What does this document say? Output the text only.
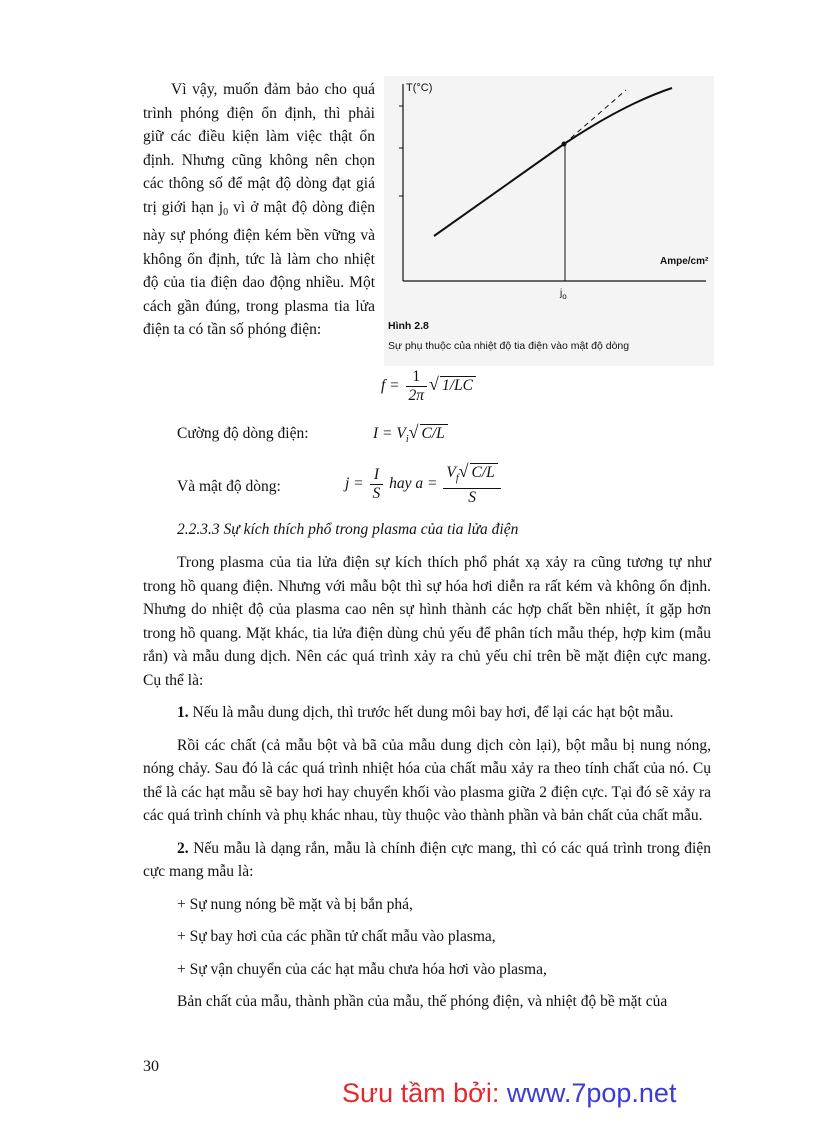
Vì vậy, muốn đảm bảo cho quá trình phóng điện ổn định, thì phải giữ các điều kiện làm việc thật ổn định. Nhưng cũng không nên chọn các thông số để mật độ dòng đạt giá trị giới hạn $j_0$ vì ở mật độ dòng điện này sự phóng điện kém bền vững và không ổn định, tức là làm cho nhiệt độ của tia điện dao động nhiều. Một cách gần đúng, trong plasma tia lửa điện ta có tần số phóng điện:

T(°C)
Ampe/cm²
$j_o$
Hình 2.8
Sự phụ thuộc của nhiệt độ tia điện vào mật độ dòng
$f = \frac{1}{2\pi}$ √ 1/LC
Cường độ dòng điện:	$I = V_i√$ C/L
Và mật độ dòng:	$j = \frac{I}{S}$ hay $a = \frac{V_f√ C/L}{S}$
2.2.3.3 Sự kích thích phổ trong plasma của tia lửa điện

Trong plasma của tia lửa điện sự kích thích phổ phát xạ xảy ra cũng tương tự như trong hồ quang điện. Nhưng với mẫu bột thì sự hóa hơi diễn ra rất kém và không ổn định. Nhưng do nhiệt độ của plasma cao nên sự hình thành các hợp chất bền nhiệt, ít gặp hơn trong hồ quang. Mặt khác, tia lửa điện dùng chủ yếu để phân tích mẫu thép, hợp kim (mẫu rắn) và mẫu dung dịch. Nên các quá trình xảy ra chủ yếu chỉ trên bề mặt điện cực mang. Cụ thể là:

1. Nếu là mẫu dung dịch, thì trước hết dung môi bay hơi, để lại các hạt bột mẫu.

Rồi các chất (cả mẫu bột và bã của mẫu dung dịch còn lại), bột mẫu bị nung nóng, nóng chảy. Sau đó là các quá trình nhiệt hóa của chất mẫu xảy ra theo tính chất của nó. Cụ thể là các hạt mẫu sẽ bay hơi hay chuyển khối vào plasma giữa 2 điện cực. Tại đó sẽ xảy ra các quá trình chính và phụ khác nhau, tùy thuộc vào thành phần và bản chất của chất mẫu.

2. Nếu mẫu là dạng rắn, mẫu là chính điện cực mang, thì có các quá trình trong điện cực mang mẫu là:

+ Sự nung nóng bề mặt và bị bắn phá,

+ Sự bay hơi của các phần tử chất mẫu vào plasma,

+ Sự vận chuyển của các hạt mẫu chưa hóa hơi vào plasma,

Bản chất của mẫu, thành phần của mẫu, thế phóng điện, và nhiệt độ bề mặt của

30
Sưu tầm bởi: www.7pop.net
